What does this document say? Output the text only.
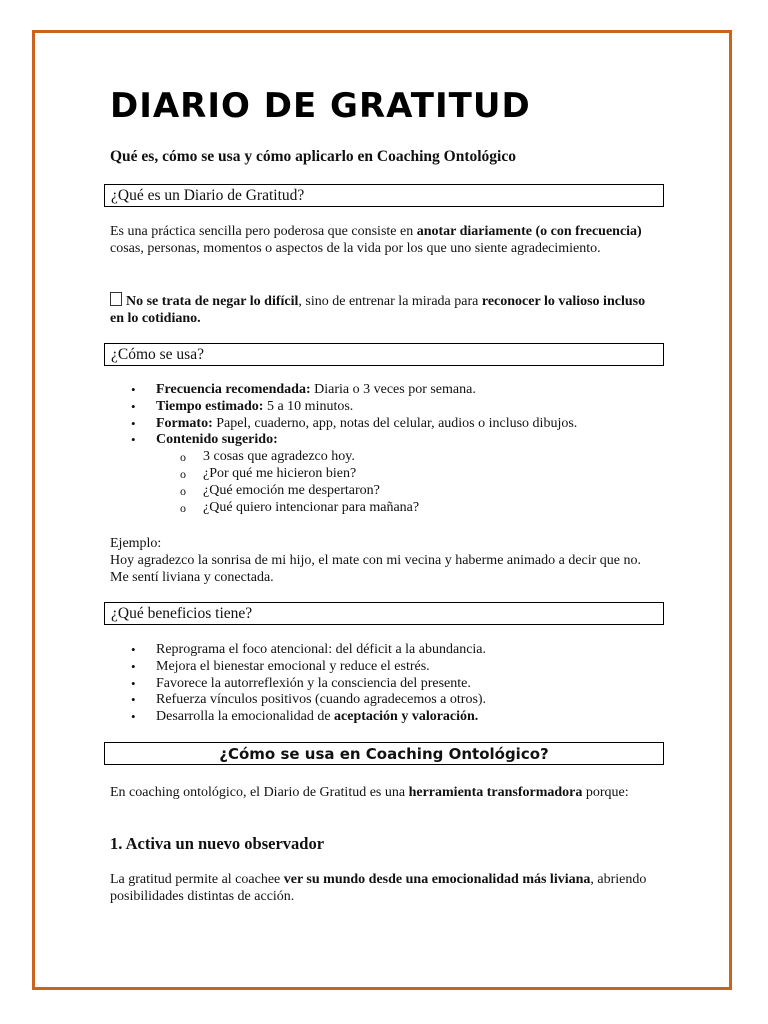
DIARIO DE GRATITUD

Qué es, cómo se usa y cómo aplicarlo en Coaching Ontológico

¿Qué es un Diario de Gratitud?

Es una práctica sencilla pero poderosa que consiste en anotar diariamente (o con frecuencia) cosas, personas, momentos o aspectos de la vida por los que uno siente agradecimiento.

No se trata de negar lo difícil, sino de entrenar la mirada para reconocer lo valioso incluso en lo cotidiano.

¿Cómo se usa?
• Frecuencia recomendada: Diaria o 3 veces por semana.
• Tiempo estimado: 5 a 10 minutos.
• Formato: Papel, cuaderno, app, notas del celular, audios o incluso dibujos.
• Contenido sugerido:
o 3 cosas que agradezco hoy.
o ¿Por qué me hicieron bien?
o ¿Qué emoción me despertaron?
o ¿Qué quiero intencionar para mañana?

Ejemplo:

Hoy agradezco la sonrisa de mi hijo, el mate con mi vecina y haberme animado a decir que no. Me sentí liviana y conectada.

¿Qué beneficios tiene?
• Reprograma el foco atencional: del déficit a la abundancia.
• Mejora el bienestar emocional y reduce el estrés.
• Favorece la autorreflexión y la consciencia del presente.
• Refuerza vínculos positivos (cuando agradecemos a otros).
• Desarrolla la emocionalidad de aceptación y valoración.
¿Cómo se usa en Coaching Ontológico?

En coaching ontológico, el Diario de Gratitud es una herramienta transformadora porque:

1. Activa un nuevo observador

La gratitud permite al coachee ver su mundo desde una emocionalidad más liviana, abriendo posibilidades distintas de acción.
